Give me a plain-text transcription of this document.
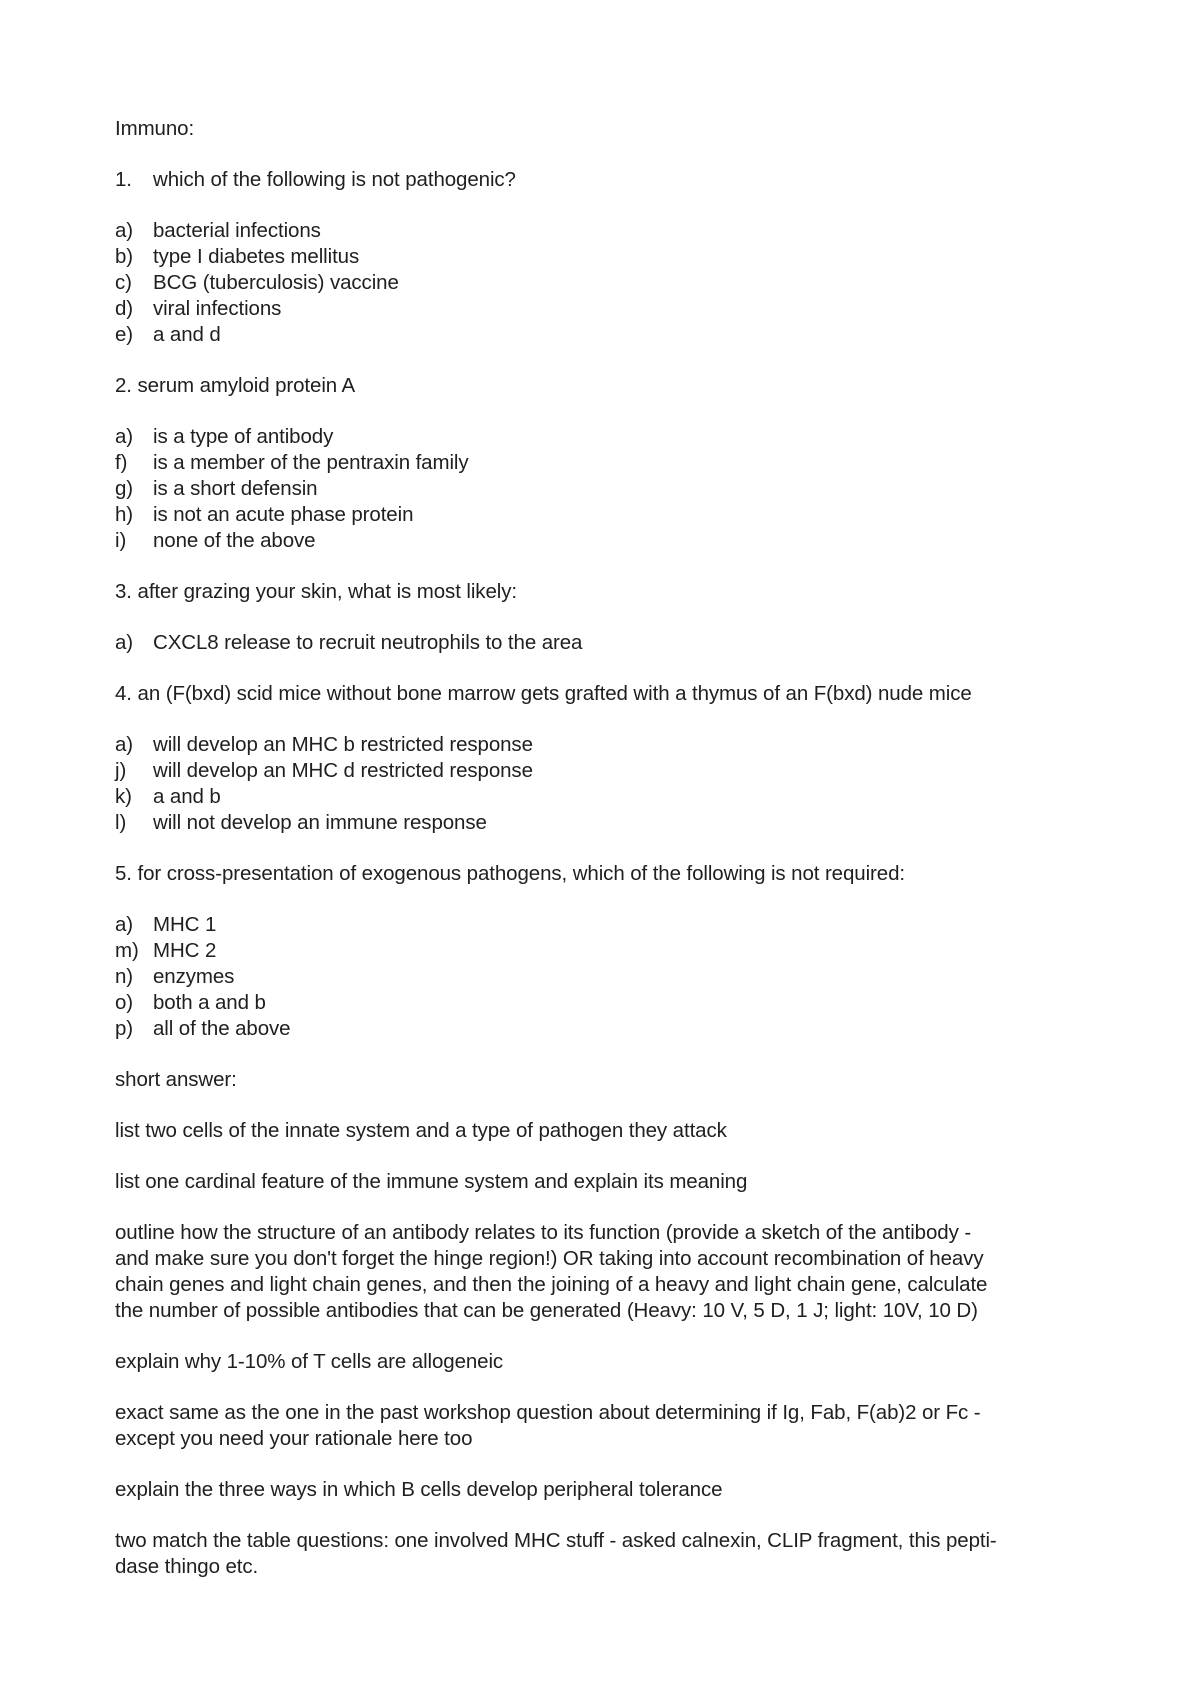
Immuno:
1.	which of the following is not pathogenic?
a) bacterial infections
b) type I diabetes mellitus
c)	BCG (tuberculosis) vaccine
d) viral infections
e) a and d
2.
serum amyloid protein A
a) is a type of antibody
f)	is a member of the pentraxin family
g) is a short defensin
h) is not an acute phase protein
i)	none of the above
3.
after grazing your skin, what is most likely:
a) CXCL8 release to recruit neutrophils to the area
4.
an (F(bxd) scid mice without bone marrow gets grafted with a thymus of an F(bxd) nude mice
a) will develop an MHC b restricted response
j)	will develop an MHC d restricted response
k)	a and b
l)	will not develop an immune response
5.
for cross-presentation of exogenous pathogens, which of the following is not required:
a) MHC 1
m) MHC 2
n) enzymes
o) both a and b
p) all of the above
short answer:
list two cells of the innate system and a type of pathogen they attack
list one cardinal feature of the immune system and explain its meaning
outline how the structure of an antibody relates to its function (provide a sketch of the antibody -
and make sure you don't forget the hinge region!) OR taking into account recombination of heavy
chain genes and light chain genes, and then the joining of a heavy and light chain gene, calculate
the number of possible antibodies that can be generated (Heavy: 10 V, 5 D, 1 J; light: 10V, 10 D)
explain why 1-10% of T cells are allogeneic
exact same as the one in the past workshop question about determining if Ig, Fab, F(ab)2 or Fc -
except you need your rationale here too
explain the three ways in which B cells develop peripheral tolerance
two match the table questions: one involved MHC stuff - asked calnexin, CLIP fragment, this pepti-
dase thingo etc.
